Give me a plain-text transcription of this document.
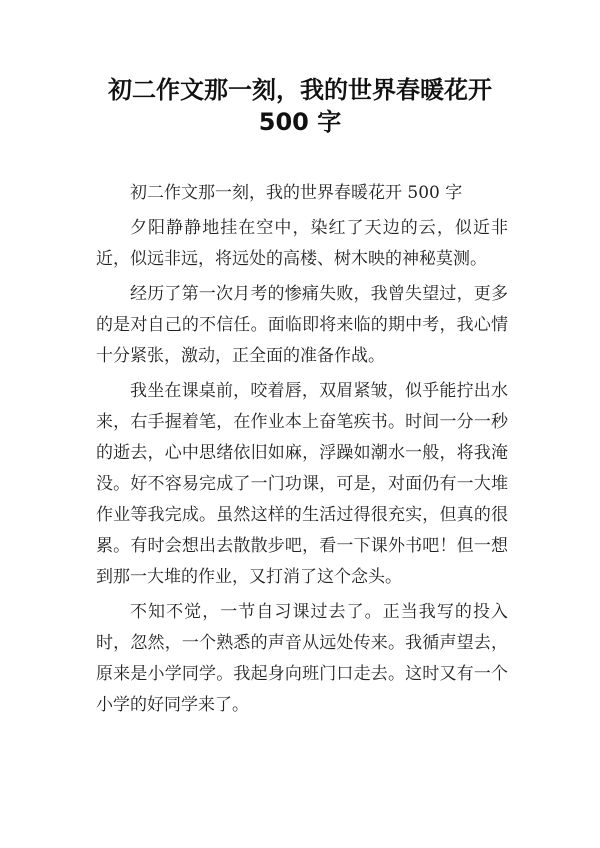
初二作文那一刻，我的世界春暖花开
500 字

初二作文那一刻，我的世界春暖花开 500 字

夕阳静静地挂在空中，染红了天边的云，似近非近，似远非远，将远处的高楼、树木映的神秘莫测。

经历了第一次月考的惨痛失败，我曾失望过，更多的是对自己的不信任。面临即将来临的期中考，我心情十分紧张，激动，正全面的准备作战。

我坐在课桌前，咬着唇，双眉紧皱，似乎能拧出水来，右手握着笔，在作业本上奋笔疾书。时间一分一秒的逝去，心中思绪依旧如麻，浮躁如潮水一般，将我淹没。好不容易完成了一门功课，可是，对面仍有一大堆作业等我完成。虽然这样的生活过得很充实，但真的很累。有时会想出去散散步吧，看一下课外书吧！但一想到那一大堆的作业，又打消了这个念头。

不知不觉，一节自习课过去了。正当我写的投入时，忽然，一个熟悉的声音从远处传来。我循声望去，原来是小学同学。我起身向班门口走去。这时又有一个小学的好同学来了。
